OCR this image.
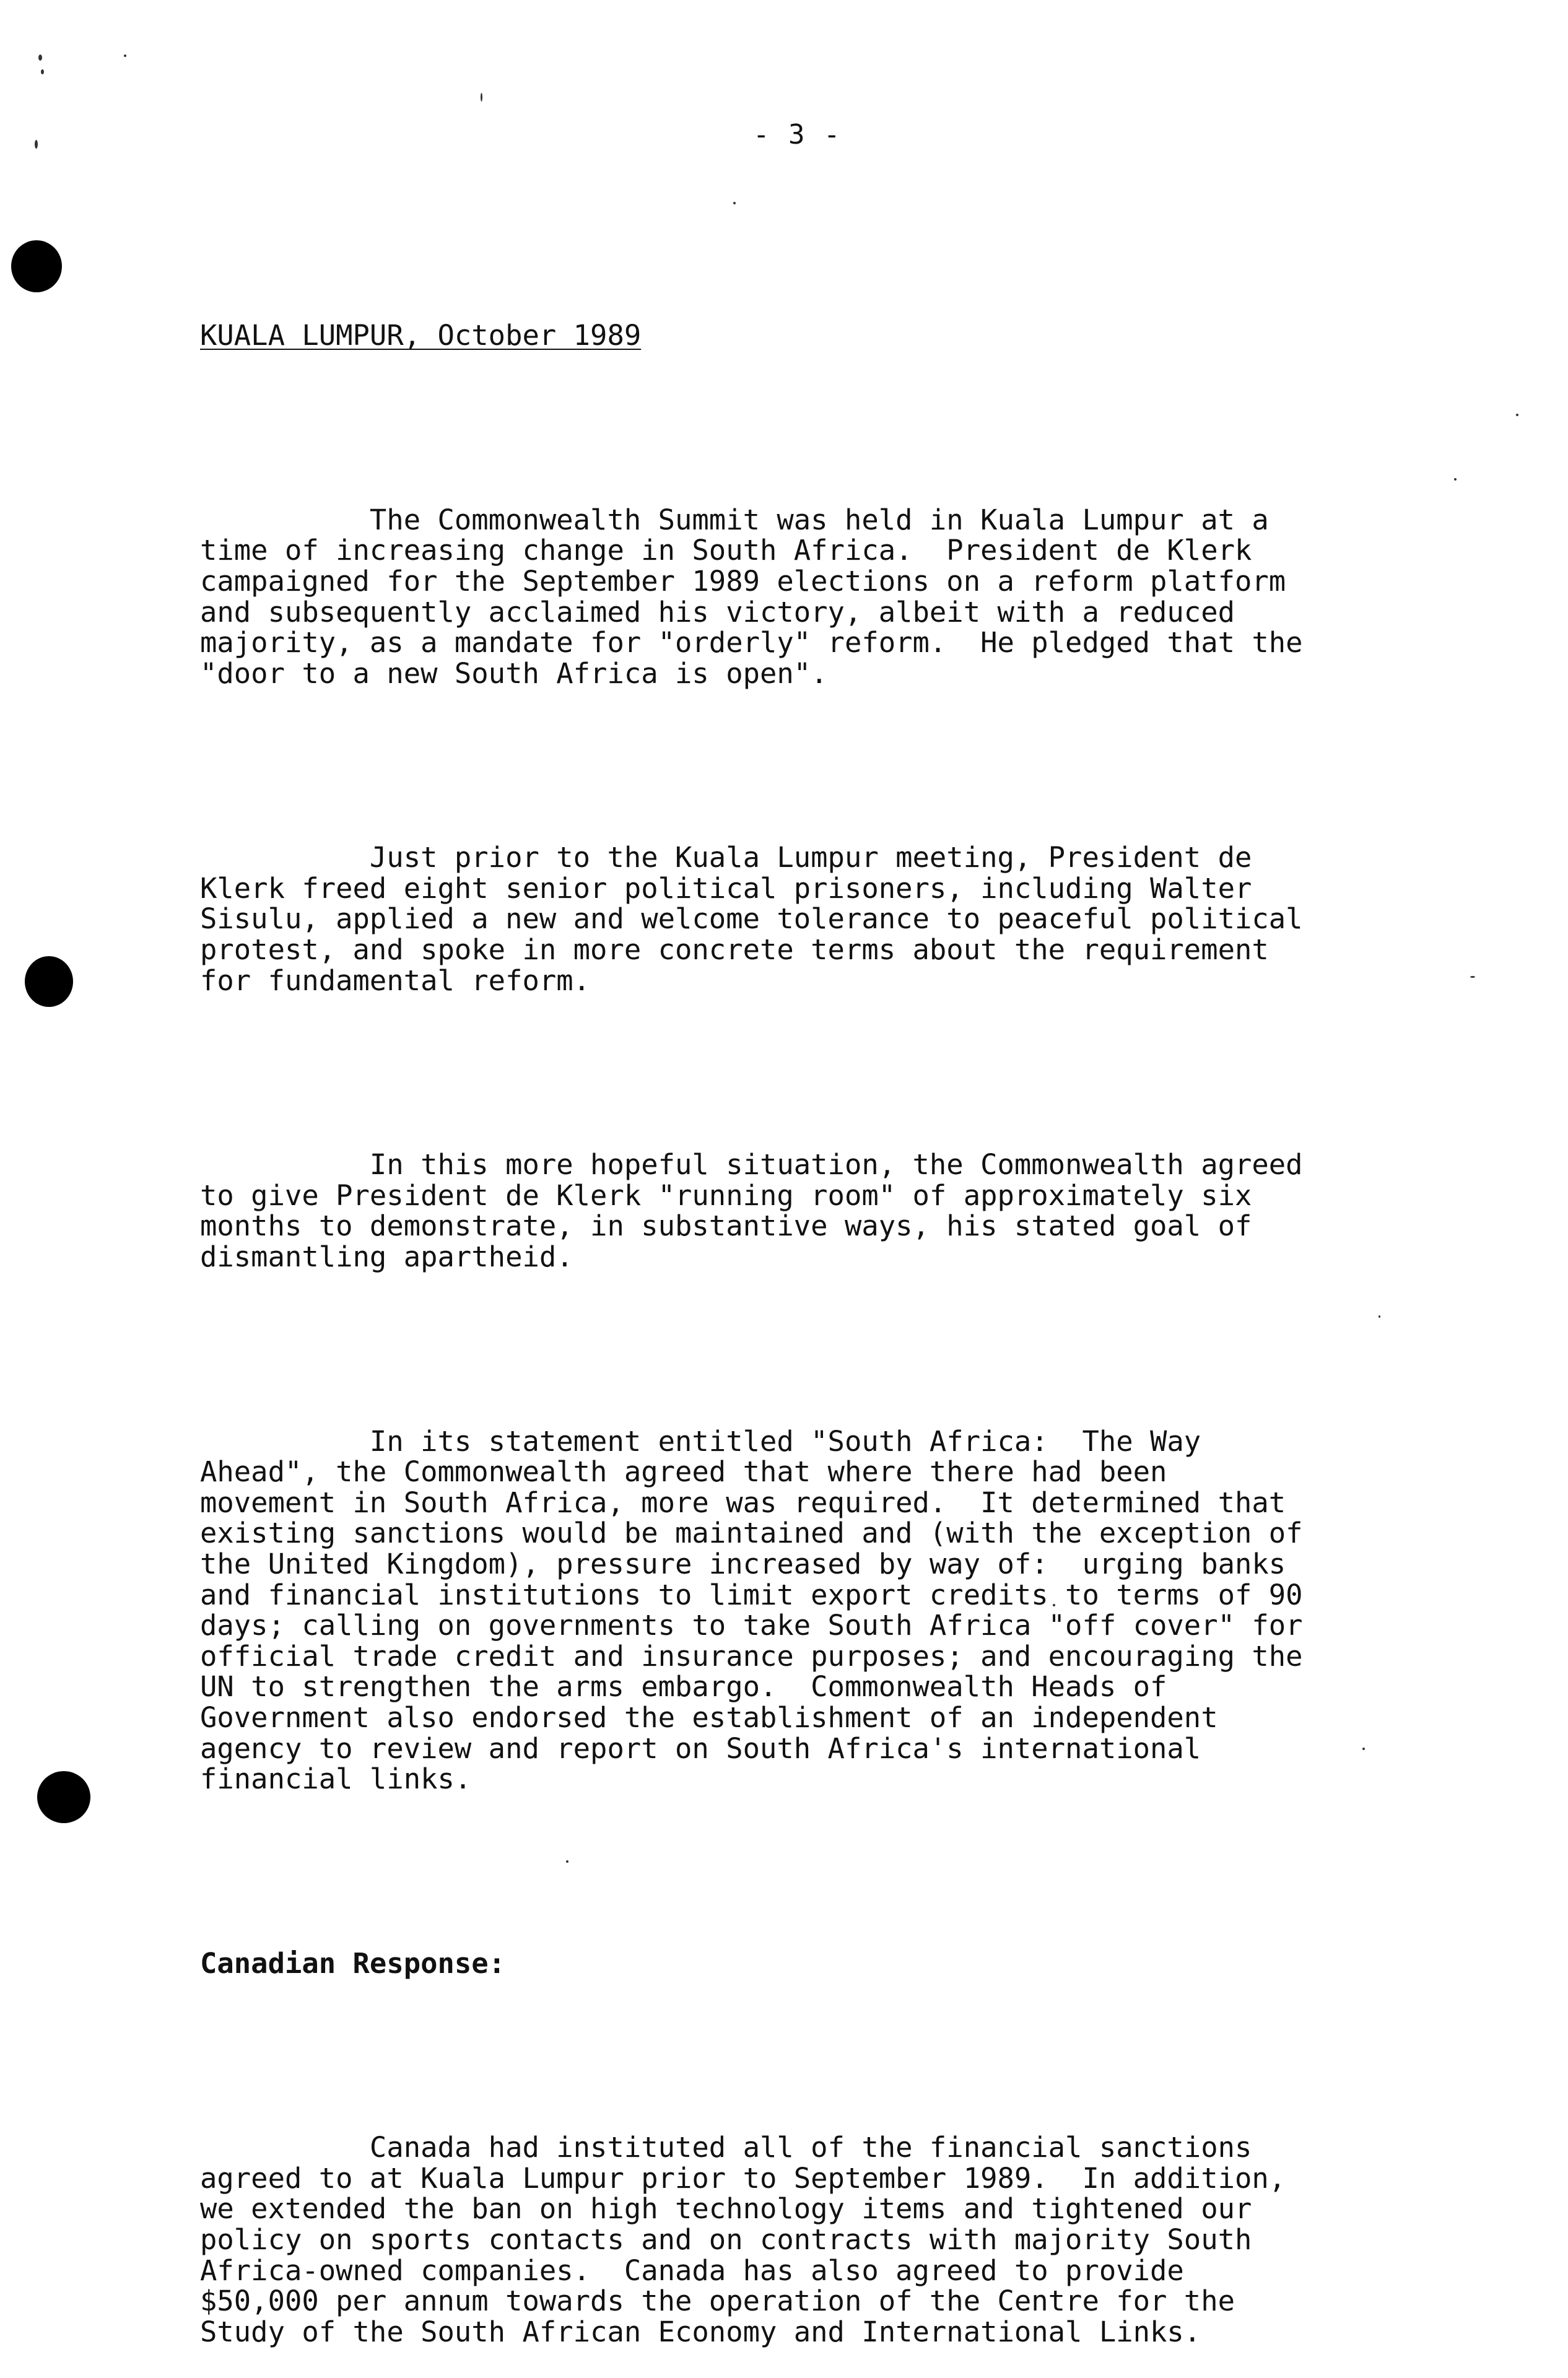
- 3 -

KUALA LUMPUR, October 1989

The Commonwealth Summit was held in Kuala Lumpur at a
time of increasing change in South Africa.  President de Klerk
campaigned for the September 1989 elections on a reform platform
and subsequently acclaimed his victory, albeit with a reduced
majority, as a mandate for "orderly" reform.  He pledged that the
"door to a new South Africa is open".

Just prior to the Kuala Lumpur meeting, President de
Klerk freed eight senior political prisoners, including Walter
Sisulu, applied a new and welcome tolerance to peaceful political
protest, and spoke in more concrete terms about the requirement
for fundamental reform.

In this more hopeful situation, the Commonwealth agreed
to give President de Klerk "running room" of approximately six
months to demonstrate, in substantive ways, his stated goal of
dismantling apartheid.

In its statement entitled "South Africa:  The Way
Ahead", the Commonwealth agreed that where there had been
movement in South Africa, more was required.  It determined that
existing sanctions would be maintained and (with the exception of
the United Kingdom), pressure increased by way of:  urging banks
and financial institutions to limit export credits to terms of 90
days; calling on governments to take South Africa "off cover" for
official trade credit and insurance purposes; and encouraging the
UN to strengthen the arms embargo.  Commonwealth Heads of
Government also endorsed the establishment of an independent
agency to review and report on South Africa's international
financial links.

Canadian Response:

Canada had instituted all of the financial sanctions
agreed to at Kuala Lumpur prior to September 1989.  In addition,
we extended the ban on high technology items and tightened our
policy on sports contacts and on contracts with majority South
Africa-owned companies.  Canada has also agreed to provide
$50,000 per annum towards the operation of the Centre for the
Study of the South African Economy and International Links.
